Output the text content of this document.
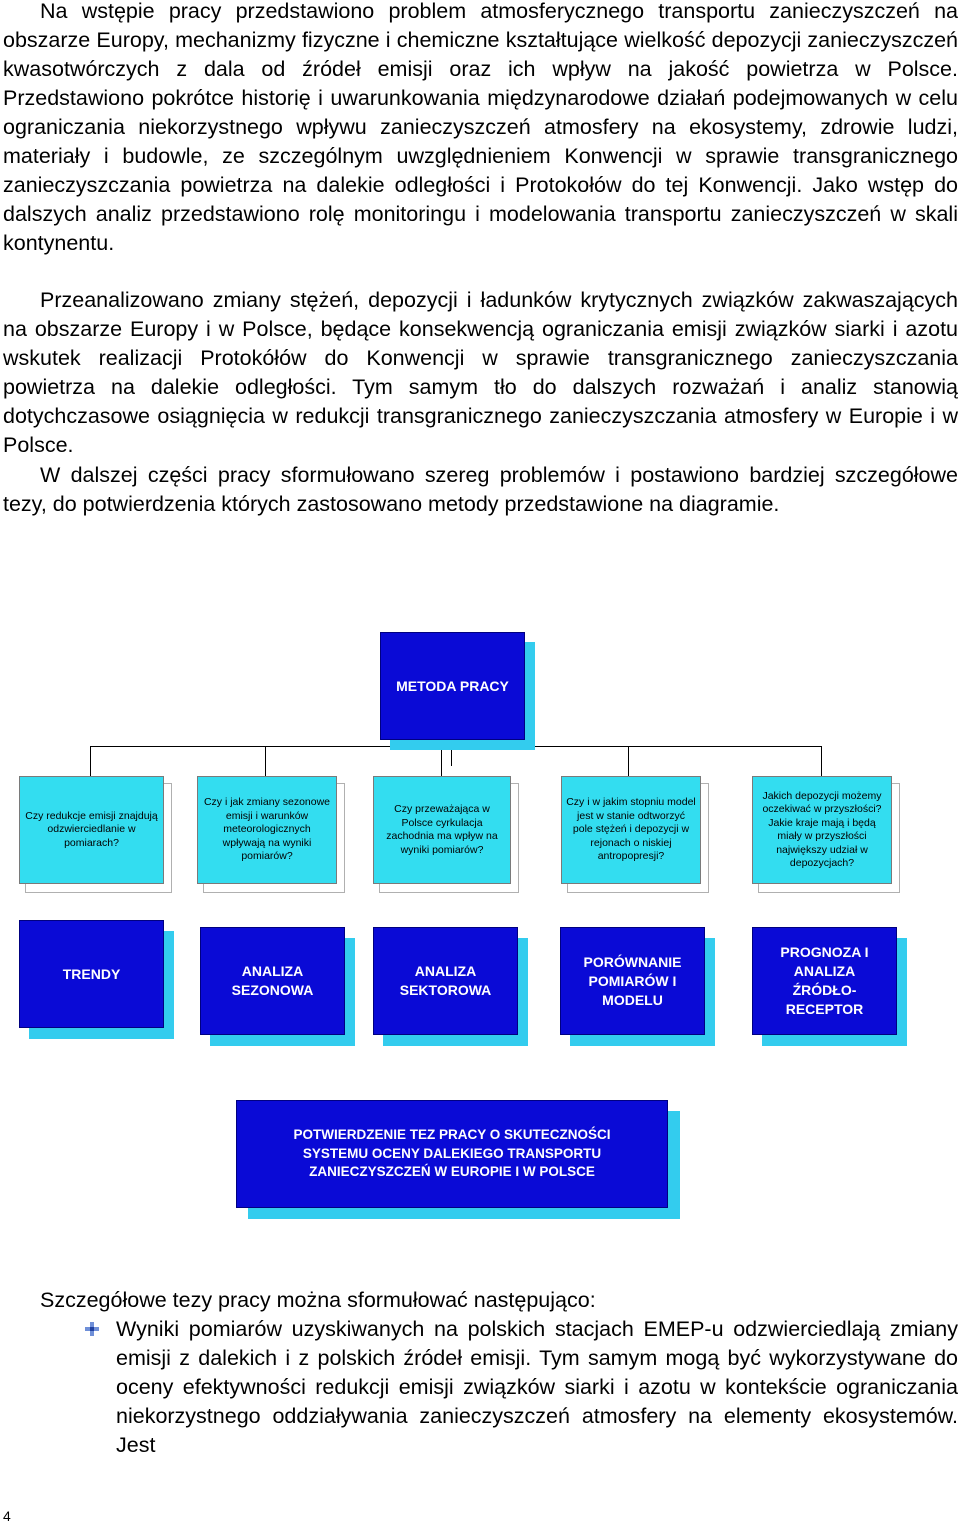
Na wstępie pracy przedstawiono problem atmosferycznego transportu zanieczyszczeń na obszarze Europy, mechanizmy fizyczne i chemiczne kształtujące wielkość depozycji zanieczyszczeń kwasotwórczych z dala od źródeł emisji oraz ich wpływ na jakość powietrza w Polsce. Przedstawiono pokrótce historię i uwarunkowania międzynarodowe działań podejmowanych w celu ograniczania niekorzystnego wpływu zanieczyszczeń atmosfery na ekosystemy, zdrowie ludzi, materiały i budowle, ze szczególnym uwzględnieniem Konwencji w sprawie transgranicznego zanieczyszczania powietrza na dalekie odległości i Protokołów do tej Konwencji. Jako wstęp do dalszych analiz przedstawiono rolę monitoringu i modelowania transportu zanieczyszczeń w skali kontynentu.

Przeanalizowano zmiany stężeń, depozycji i ładunków krytycznych związków zakwaszających na obszarze Europy i w Polsce, będące konsekwencją ograniczania emisji związków siarki i azotu wskutek realizacji Protokółów do Konwencji w sprawie transgranicznego zanieczyszczania powietrza na dalekie odległości. Tym samym tło do dalszych rozważań i analiz stanowią dotychczasowe osiągnięcia w redukcji transgranicznego zanieczyszczania atmosfery w Europie i w Polsce.

W dalszej części pracy sformułowano szereg problemów i postawiono bardziej szczegółowe tezy, do potwierdzenia których zastosowano metody przedstawione na diagramie.

METODA PRACY
Czy redukcje emisji znajdują odzwierciedlanie w pomiarach?
Czy i jak zmiany sezonowe emisji i warunków meteorologicznych wpływają na wyniki pomiarów?
Czy przeważająca w Polsce cyrkulacja zachodnia ma wpływ na wyniki pomiarów?
Czy i w jakim stopniu model jest w stanie odtworzyć pole stężeń i depozycji w rejonach o niskiej antropopresji?
Jakich depozycji możemy oczekiwać w przyszłości? Jakie kraje mają i będą miały w przyszłości największy udział w depozycjach?
TRENDY	ANALIZA SEZONOWA
ANALIZA SEKTOROWA
PORÓWNANIE POMIARÓW I MODELU
PROGNOZA I ANALIZA ŹRÓDŁO-RECEPTOR
POTWIERDZENIE TEZ PRACY O SKUTECZNOŚCI SYSTEMU OCENY DALEKIEGO TRANSPORTU ZANIECZYSZCZEŃ W EUROPIE I W POLSCE

Szczegółowe tezy pracy można sformułować następująco:

Wyniki pomiarów uzyskiwanych na polskich stacjach EMEP-u odzwierciedlają zmiany emisji z dalekich i z polskich źródeł emisji. Tym samym mogą być wykorzystywane do oceny efektywności redukcji emisji związków siarki i azotu w kontekście ograniczania niekorzystnego oddziaływania zanieczyszczeń atmosfery na elementy ekosystemów. Jest

4
